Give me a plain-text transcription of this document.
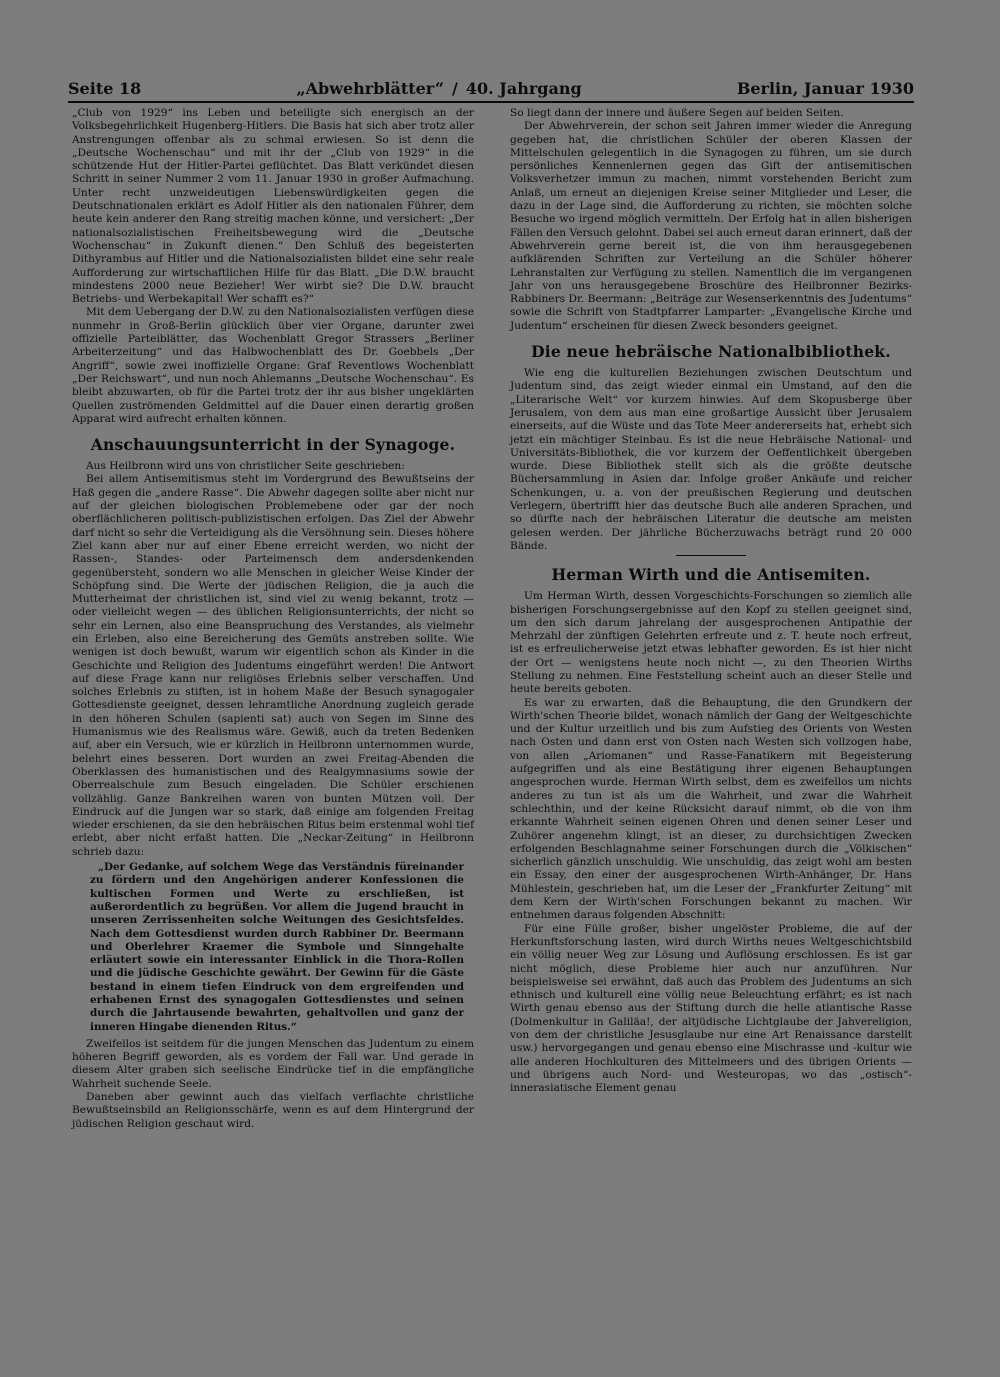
Seite 18	„Abwehrblätter“ / 40. Jahrgang	Berlin, Januar 1930

„Club von 1929“ ins Leben und beteiligte sich energisch an der Volksbegehrlichkeit Hugenberg-Hitlers. Die Basis hat sich aber trotz aller Anstrengungen offenbar als zu schmal erwiesen. So ist denn die „Deutsche Wochenschau“ und mit ihr der „Club von 1929“ in die schützende Hut der Hitler-Partei geflüchtet. Das Blatt verkündet diesen Schritt in seiner Nummer 2 vom 11. Januar 1930 in großer Aufmachung. Unter recht unzweideutigen Liebenswürdigkeiten gegen die Deutschnationalen erklärt es Adolf Hitler als den nationalen Führer, dem heute kein anderer den Rang streitig machen könne, und versichert: „Der nationalsozialistischen Freiheitsbewegung wird die „Deutsche Wochenschau“ in Zukunft dienen.“ Den Schluß des begeisterten Dithyrambus auf Hitler und die Nationalsozialisten bildet eine sehr reale Aufforderung zur wirtschaftlichen Hilfe für das Blatt. „Die D.W. braucht mindestens 2000 neue Bezieher! Wer wirbt sie? Die D.W. braucht Betriebs- und Werbekapital! Wer schafft es?“

Mit dem Uebergang der D.W. zu den Nationalsozialisten verfügen diese nunmehr in Groß-Berlin glücklich über vier Organe, darunter zwei offizielle Parteiblätter, das Wochenblatt Gregor Strassers „Berliner Arbeiterzeitung“ und das Halbwochenblatt des Dr. Goebbels „Der Angriff“, sowie zwei inoffizielle Organe: Graf Reventlows Wochenblatt „Der Reichswart“, und nun noch Ahlemanns „Deutsche Wochenschau“. Es bleibt abzuwarten, ob für die Partei trotz der ihr aus bisher ungeklärten Quellen zuströmenden Geldmittel auf die Dauer einen derartig großen Apparat wird aufrecht erhalten können.

Anschauungsunterricht in der Synagoge.

Aus Heilbronn wird uns von christlicher Seite geschrieben:

Bei allem Antisemitismus steht im Vordergrund des Bewußtseins der Haß gegen die „andere Rasse“. Die Abwehr dagegen sollte aber nicht nur auf der gleichen biologischen Problemebene oder gar der noch oberflächlicheren politisch-publizistischen erfolgen. Das Ziel der Abwehr darf nicht so sehr die Verteidigung als die Versöhnung sein. Dieses höhere Ziel kann aber nur auf einer Ebene erreicht werden, wo nicht der Rassen-, Standes- oder Parteimensch dem andersdenkenden gegenübersteht, sondern wo alle Menschen in gleicher Weise Kinder der Schöpfung sind. Die Werte der jüdischen Religion, die ja auch die Mutterheimat der christlichen ist, sind viel zu wenig bekannt, trotz — oder vielleicht wegen — des üblichen Religionsunterrichts, der nicht so sehr ein Lernen, also eine Beanspruchung des Verstandes, als vielmehr ein Erleben, also eine Bereicherung des Gemüts anstreben sollte. Wie wenigen ist doch bewußt, warum wir eigentlich schon als Kinder in die Geschichte und Religion des Judentums eingeführt werden! Die Antwort auf diese Frage kann nur religiöses Erlebnis selber verschaffen. Und solches Erlebnis zu stiften, ist in hohem Maße der Besuch synagogaler Gottesdienste geeignet, dessen lehramtliche Anordnung zugleich gerade in den höheren Schulen (sapienti sat) auch von Segen im Sinne des Humanismus wie des Realismus wäre. Gewiß, auch da treten Bedenken auf, aber ein Versuch, wie er kürzlich in Heilbronn unternommen wurde, belehrt eines besseren. Dort wurden an zwei Freitag-Abenden die Oberklassen des humanistischen und des Realgymnasiums sowie der Oberrealschule zum Besuch eingeladen. Die Schüler erschienen vollzählig. Ganze Bankreihen waren von bunten Mützen voll. Der Eindruck auf die Jungen war so stark, daß einige am folgenden Freitag wieder erschienen, da sie den hebräischen Ritus beim erstenmal wohl tief erlebt, aber nicht erfaßt hatten. Die „Neckar-Zeitung“ in Heilbronn schrieb dazu:

„Der Gedanke, auf solchem Wege das Verständnis füreinander zu fördern und den Angehörigen anderer Konfessionen die kultischen Formen und Werte zu erschließen, ist außerordentlich zu begrüßen. Vor allem die Jugend braucht in unseren Zerrissenheiten solche Weitungen des Gesichtsfeldes. Nach dem Gottesdienst wurden durch Rabbiner Dr. Beermann und Oberlehrer Kraemer die Symbole und Sinngehalte erläutert sowie ein interessanter Einblick in die Thora-Rollen und die jüdische Geschichte gewährt. Der Gewinn für die Gäste bestand in einem tiefen Eindruck von dem ergreifenden und erhabenen Ernst des synagogalen Gottesdienstes und seinen durch die Jahrtausende bewahrten, gehaltvollen und ganz der inneren Hingabe dienenden Ritus.“

Zweifellos ist seitdem für die jungen Menschen das Judentum zu einem höheren Begriff geworden, als es vordem der Fall war. Und gerade in diesem Alter graben sich seelische Eindrücke tief in die empfängliche Wahrheit suchende Seele.

Daneben aber gewinnt auch das vielfach verflachte christliche Bewußtseinsbild an Religionsschärfe, wenn es auf dem Hintergrund der jüdischen Religion geschaut wird.

So liegt dann der innere und äußere Segen auf beiden Seiten.

Der Abwehrverein, der schon seit Jahren immer wieder die Anregung gegeben hat, die christlichen Schüler der oberen Klassen der Mittelschulen gelegentlich in die Synagogen zu führen, um sie durch persönliches Kennenlernen gegen das Gift der antisemitischen Volksverhetzer immun zu machen, nimmt vorstehenden Bericht zum Anlaß, um erneut an diejenigen Kreise seiner Mitglieder und Leser, die dazu in der Lage sind, die Aufforderung zu richten, sie möchten solche Besuche wo irgend möglich vermitteln. Der Erfolg hat in allen bisherigen Fällen den Versuch gelohnt. Dabei sei auch erneut daran erinnert, daß der Abwehrverein gerne bereit ist, die von ihm herausgegebenen aufklärenden Schriften zur Verteilung an die Schüler höherer Lehranstalten zur Verfügung zu stellen. Namentlich die im vergangenen Jahr von uns herausgegebene Broschüre des Heilbronner Bezirks-Rabbiners Dr. Beermann: „Beiträge zur Wesenserkenntnis des Judentums“ sowie die Schrift von Stadtpfarrer Lamparter: „Evangelische Kirche und Judentum“ erscheinen für diesen Zweck besonders geeignet.

Die neue hebräische Nationalbibliothek.

Wie eng die kulturellen Beziehungen zwischen Deutschtum und Judentum sind, das zeigt wieder einmal ein Umstand, auf den die „Literarische Welt“ vor kurzem hinwies. Auf dem Skopusberge über Jerusalem, von dem aus man eine großartige Aussicht über Jerusalem einerseits, auf die Wüste und das Tote Meer andererseits hat, erhebt sich jetzt ein mächtiger Steinbau. Es ist die neue Hebräische National- und Universitäts-Bibliothek, die vor kurzem der Oeffentlichkeit übergeben wurde. Diese Bibliothek stellt sich als die größte deutsche Büchersammlung in Asien dar. Infolge großer Ankäufe und reicher Schenkungen, u. a. von der preußischen Regierung und deutschen Verlegern, übertrifft hier das deutsche Buch alle anderen Sprachen, und so dürfte nach der hebräischen Literatur die deutsche am meisten gelesen werden. Der jährliche Bücherzuwachs beträgt rund 20 000 Bände.

Herman Wirth und die Antisemiten.

Um Herman Wirth, dessen Vorgeschichts-Forschungen so ziemlich alle bisherigen Forschungsergebnisse auf den Kopf zu stellen geeignet sind, um den sich darum jahrelang der ausgesprochenen Antipathie der Mehrzahl der zünftigen Gelehrten erfreute und z. T. heute noch erfreut, ist es erfreulicherweise jetzt etwas lebhafter geworden. Es ist hier nicht der Ort — wenigstens heute noch nicht —, zu den Theorien Wirths Stellung zu nehmen. Eine Feststellung scheint auch an dieser Stelle und heute bereits geboten.

Es war zu erwarten, daß die Behauptung, die den Grundkern der Wirth'schen Theorie bildet, wonach nämlich der Gang der Weltgeschichte und der Kultur urzeitlich und bis zum Aufstieg des Orients von Westen nach Osten und dann erst von Osten nach Westen sich vollzogen habe, von allen „Ariomanen“ und Rasse-Fanatikern mit Begeisterung aufgegriffen und als eine Bestätigung ihrer eigenen Behauptungen angesprochen wurde. Herman Wirth selbst, dem es zweifellos um nichts anderes zu tun ist als um die Wahrheit, und zwar die Wahrheit schlechthin, und der keine Rücksicht darauf nimmt, ob die von ihm erkannte Wahrheit seinen eigenen Ohren und denen seiner Leser und Zuhörer angenehm klingt, ist an dieser, zu durchsichtigen Zwecken erfolgenden Beschlagnahme seiner Forschungen durch die „Völkischen“ sicherlich gänzlich unschuldig. Wie unschuldig, das zeigt wohl am besten ein Essay, den einer der ausgesprochenen Wirth-Anhänger, Dr. Hans Mühlestein, geschrieben hat, um die Leser der „Frankfurter Zeitung“ mit dem Kern der Wirth'schen Forschungen bekannt zu machen. Wir entnehmen daraus folgenden Abschnitt:

Für eine Fülle großer, bisher ungelöster Probleme, die auf der Herkunftsforschung lasten, wird durch Wirths neues Weltgeschichtsbild ein völlig neuer Weg zur Lösung und Auflösung erschlossen. Es ist gar nicht möglich, diese Probleme hier auch nur anzuführen. Nur beispielsweise sei erwähnt, daß auch das Problem des Judentums an sich ethnisch und kulturell eine völlig neue Beleuchtung erfährt; es ist nach Wirth genau ebenso aus der Stiftung durch die helle atlantische Rasse (Dolmenkultur in Galiläa!, der altjüdische Lichtglaube der Jahvereligion, von dem der christliche Jesusglaube nur eine Art Renaissance darstellt usw.) hervorgegangen und genau ebenso eine Mischrasse und -kultur wie alle anderen Hochkulturen des Mittelmeers und des übrigen Orients — und übrigens auch Nord- und Westeuropas, wo das „ostisch“-innerasiatische Element genau
